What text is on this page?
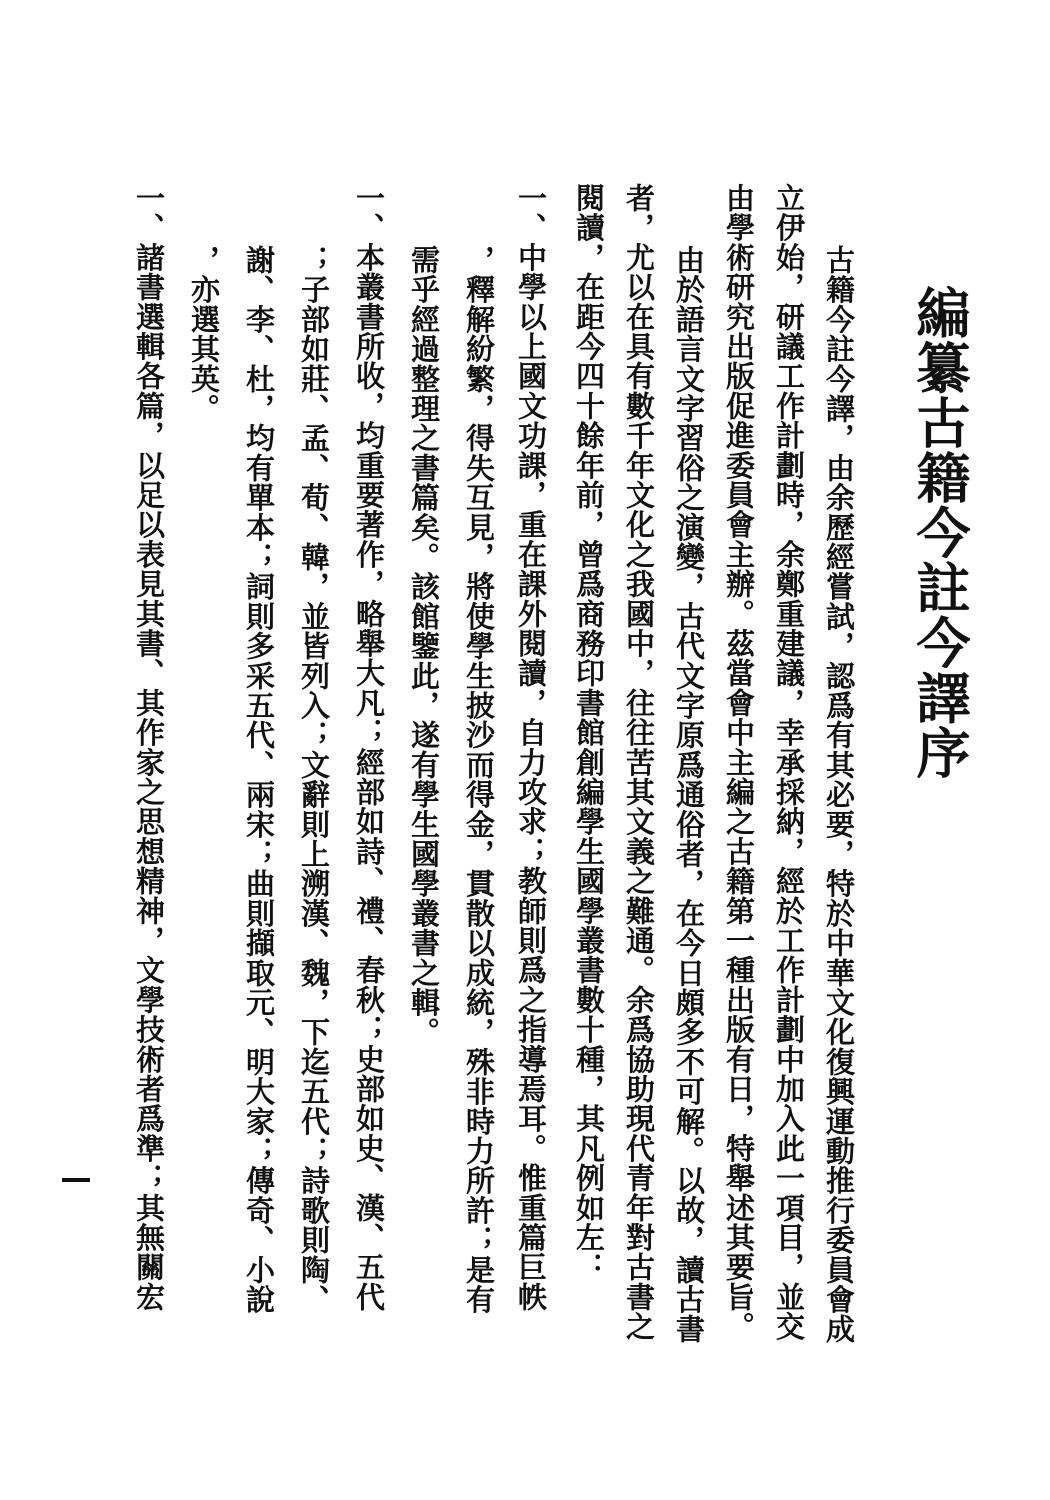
編纂古籍今註今譯序
古籍今註今譯，由余歷經嘗試，認爲有其必要，特於中華文化復興運動推行委員會成
立伊始，研議工作計劃時，余鄭重建議，幸承採納，經於工作計劃中加入此一項目，並交
由學術研究出版促進委員會主辦。茲當會中主編之古籍第一種出版有日，特舉述其要旨。
由於語言文字習俗之演變，古代文字原爲通俗者，在今日頗多不可解。以故，讀古書
者，尤以在具有數千年文化之我國中，往往苦其文義之難通。余爲協助現代青年對古書之
閱讀，在距今四十餘年前，曾爲商務印書館創編學生國學叢書數十種，其凡例如左：
一、中學以上國文功課，重在課外閱讀，自力攻求；教師則爲之指導焉耳。惟重篇巨帙
，釋解紛繁，得失互見，將使學生披沙而得金，貫散以成統，殊非時力所許；是有
需乎經過整理之書篇矣。該館鑒此，遂有學生國學叢書之輯。
一、本叢書所收，均重要著作，略舉大凡；經部如詩、禮、春秋；史部如史、漢、五代
；子部如莊、孟、荀、韓，並皆列入；文辭則上溯漢、魏，下迄五代；詩歌則陶、
謝、李、杜，均有單本；詞則多采五代、兩宋；曲則擷取元、明大家；傳奇、小說
，亦選其英。
一、諸書選輯各篇，以足以表見其書、其作家之思想精神，文學技術者爲準；其無關宏
